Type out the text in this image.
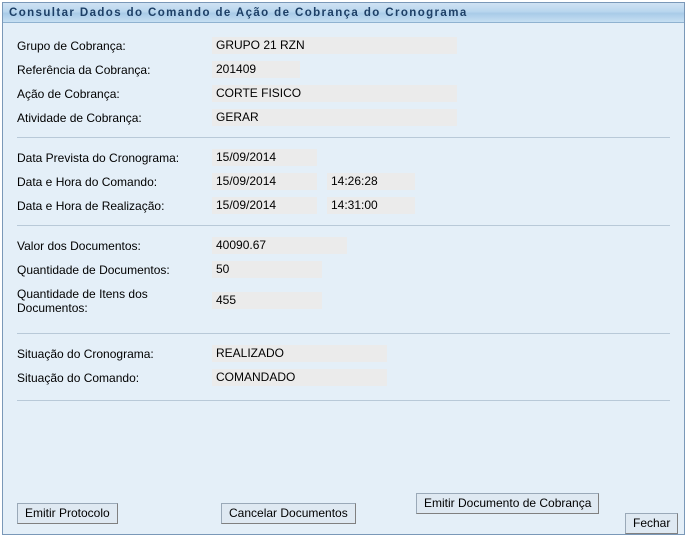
Consultar Dados do Comando de Ação de Cobrança do Cronograma
Grupo de Cobrança:	GRUPO 21 RZN
Referência da Cobrança:	201409
Ação de Cobrança:	CORTE FISICO
Atividade de Cobrança:	GERAR
Data Prevista do Cronograma:	15/09/2014
Data e Hora do Comando:	15/09/2014	14:26:28
Data e Hora de Realização:	15/09/2014	14:31:00
Valor dos Documentos:	40090.67
Quantidade de Documentos:	50
Quantidade de Itens dos Documentos:
455
Situação do Cronograma:	REALIZADO
Situação do Comando:	COMANDADO
Emitir Protocolo	Cancelar Documentos
Emitir Documento de Cobrança
Fechar
